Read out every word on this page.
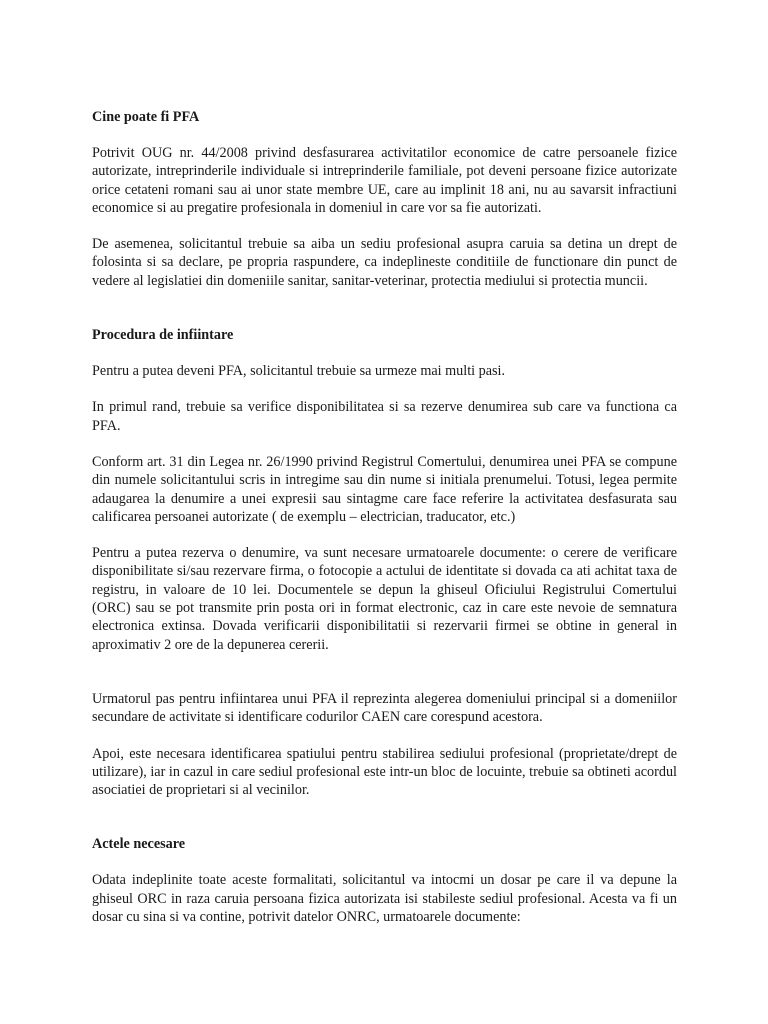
Cine poate fi PFA

Potrivit OUG nr. 44/2008 privind desfasurarea activitatilor economice de catre persoanele fizice autorizate, intreprinderile individuale si intreprinderile familiale, pot deveni persoane fizice autorizate orice cetateni romani sau ai unor state membre UE, care au implinit 18 ani, nu au savarsit infractiuni economice si au pregatire profesionala in domeniul in care vor sa fie autorizati.

De asemenea, solicitantul trebuie sa aiba un sediu profesional asupra caruia sa detina un drept de folosinta si sa declare, pe propria raspundere, ca indeplineste conditiile de functionare din punct de vedere al legislatiei din domeniile sanitar, sanitar-veterinar, protectia mediului si protectia muncii.

Procedura de infiintare

Pentru a putea deveni PFA, solicitantul trebuie sa urmeze mai multi pasi.

In primul rand, trebuie sa verifice disponibilitatea si sa rezerve denumirea sub care va functiona ca PFA.

Conform art. 31 din Legea nr. 26/1990 privind Registrul Comertului, denumirea unei PFA se compune din numele solicitantului scris in intregime sau din nume si initiala prenumelui. Totusi, legea permite adaugarea la denumire a unei expresii sau sintagme care face referire la activitatea desfasurata sau calificarea persoanei autorizate ( de exemplu – electrician, traducator, etc.)

Pentru a putea rezerva o denumire, va sunt necesare urmatoarele documente: o cerere de verificare disponibilitate si/sau rezervare firma, o fotocopie a actului de identitate si dovada ca ati achitat taxa de registru, in valoare de 10 lei. Documentele se depun la ghiseul Oficiului Registrului Comertului (ORC) sau se pot transmite prin posta ori in format electronic, caz in care este nevoie de semnatura electronica extinsa. Dovada verificarii disponibilitatii si rezervarii firmei se obtine in general in aproximativ 2 ore de la depunerea cererii.

Urmatorul pas pentru infiintarea unui PFA il reprezinta alegerea domeniului principal si a domeniilor secundare de activitate si identificare codurilor CAEN care corespund acestora.

Apoi, este necesara identificarea spatiului pentru stabilirea sediului profesional (proprietate/drept de utilizare), iar in cazul in care sediul profesional este intr-un bloc de locuinte, trebuie sa obtineti acordul asociatiei de proprietari si al vecinilor.

Actele necesare

Odata indeplinite toate aceste formalitati, solicitantul va intocmi un dosar pe care il va depune la ghiseul ORC in raza caruia persoana fizica autorizata isi stabileste sediul profesional. Acesta va fi un dosar cu sina si va contine, potrivit datelor ONRC, urmatoarele documente:
